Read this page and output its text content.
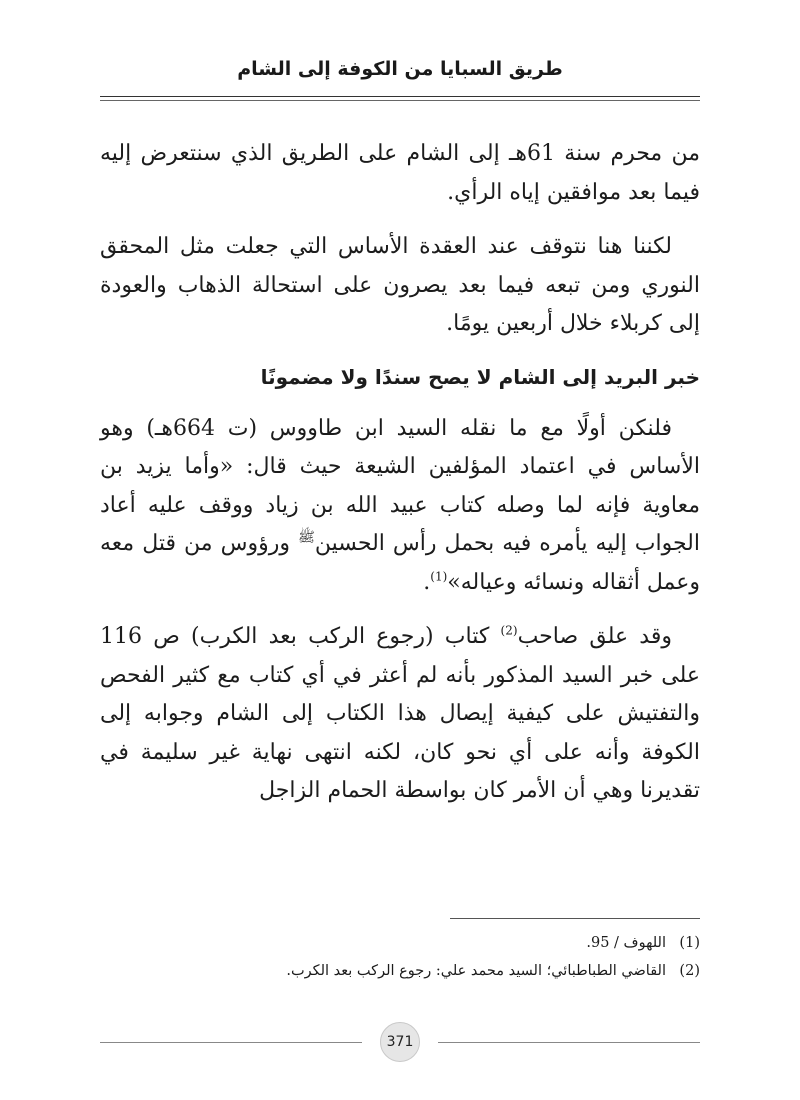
طريق السبايا من الكوفة إلى الشام

من محرم سنة 61هـ إلى الشام على الطريق الذي سنتعرض إليه فيما بعد موافقين إياه الرأي.

لكننا هنا نتوقف عند العقدة الأساس التي جعلت مثل المحقق النوري ومن تبعه فيما بعد يصرون على استحالة الذهاب والعودة إلى كربلاء خلال أربعين يومًا.

خبر البريد إلى الشام لا يصح سندًا ولا مضمونًا

فلنكن أولًا مع ما نقله السيد ابن طاووس (ت 664هـ) وهو الأساس في اعتماد المؤلفين الشيعة حيث قال: «وأما يزيد بن معاوية فإنه لما وصله كتاب عبيد الله بن زياد ووقف عليه أعاد الجواب إليه يأمره فيه بحمل رأس الحسين$^ﷺ$ ورؤوس من قتل معه وعمل أثقاله ونسائه وعياله»$^{(1)}$.

وقد علق صاحب$^{(2)}$ كتاب (رجوع الركب بعد الكرب) ص 116 على خبر السيد المذكور بأنه لم أعثر في أي كتاب مع كثير الفحص والتفتيش على كيفية إيصال هذا الكتاب إلى الشام وجوابه إلى الكوفة وأنه على أي نحو كان، لكنه انتهى نهاية غير سليمة في تقديرنا وهي أن الأمر كان بواسطة الحمام الزاجل

(1)
اللهوف / 95.
(2)
القاضي الطباطبائي؛ السيد محمد علي: رجوع الركب بعد الكرب.
371
